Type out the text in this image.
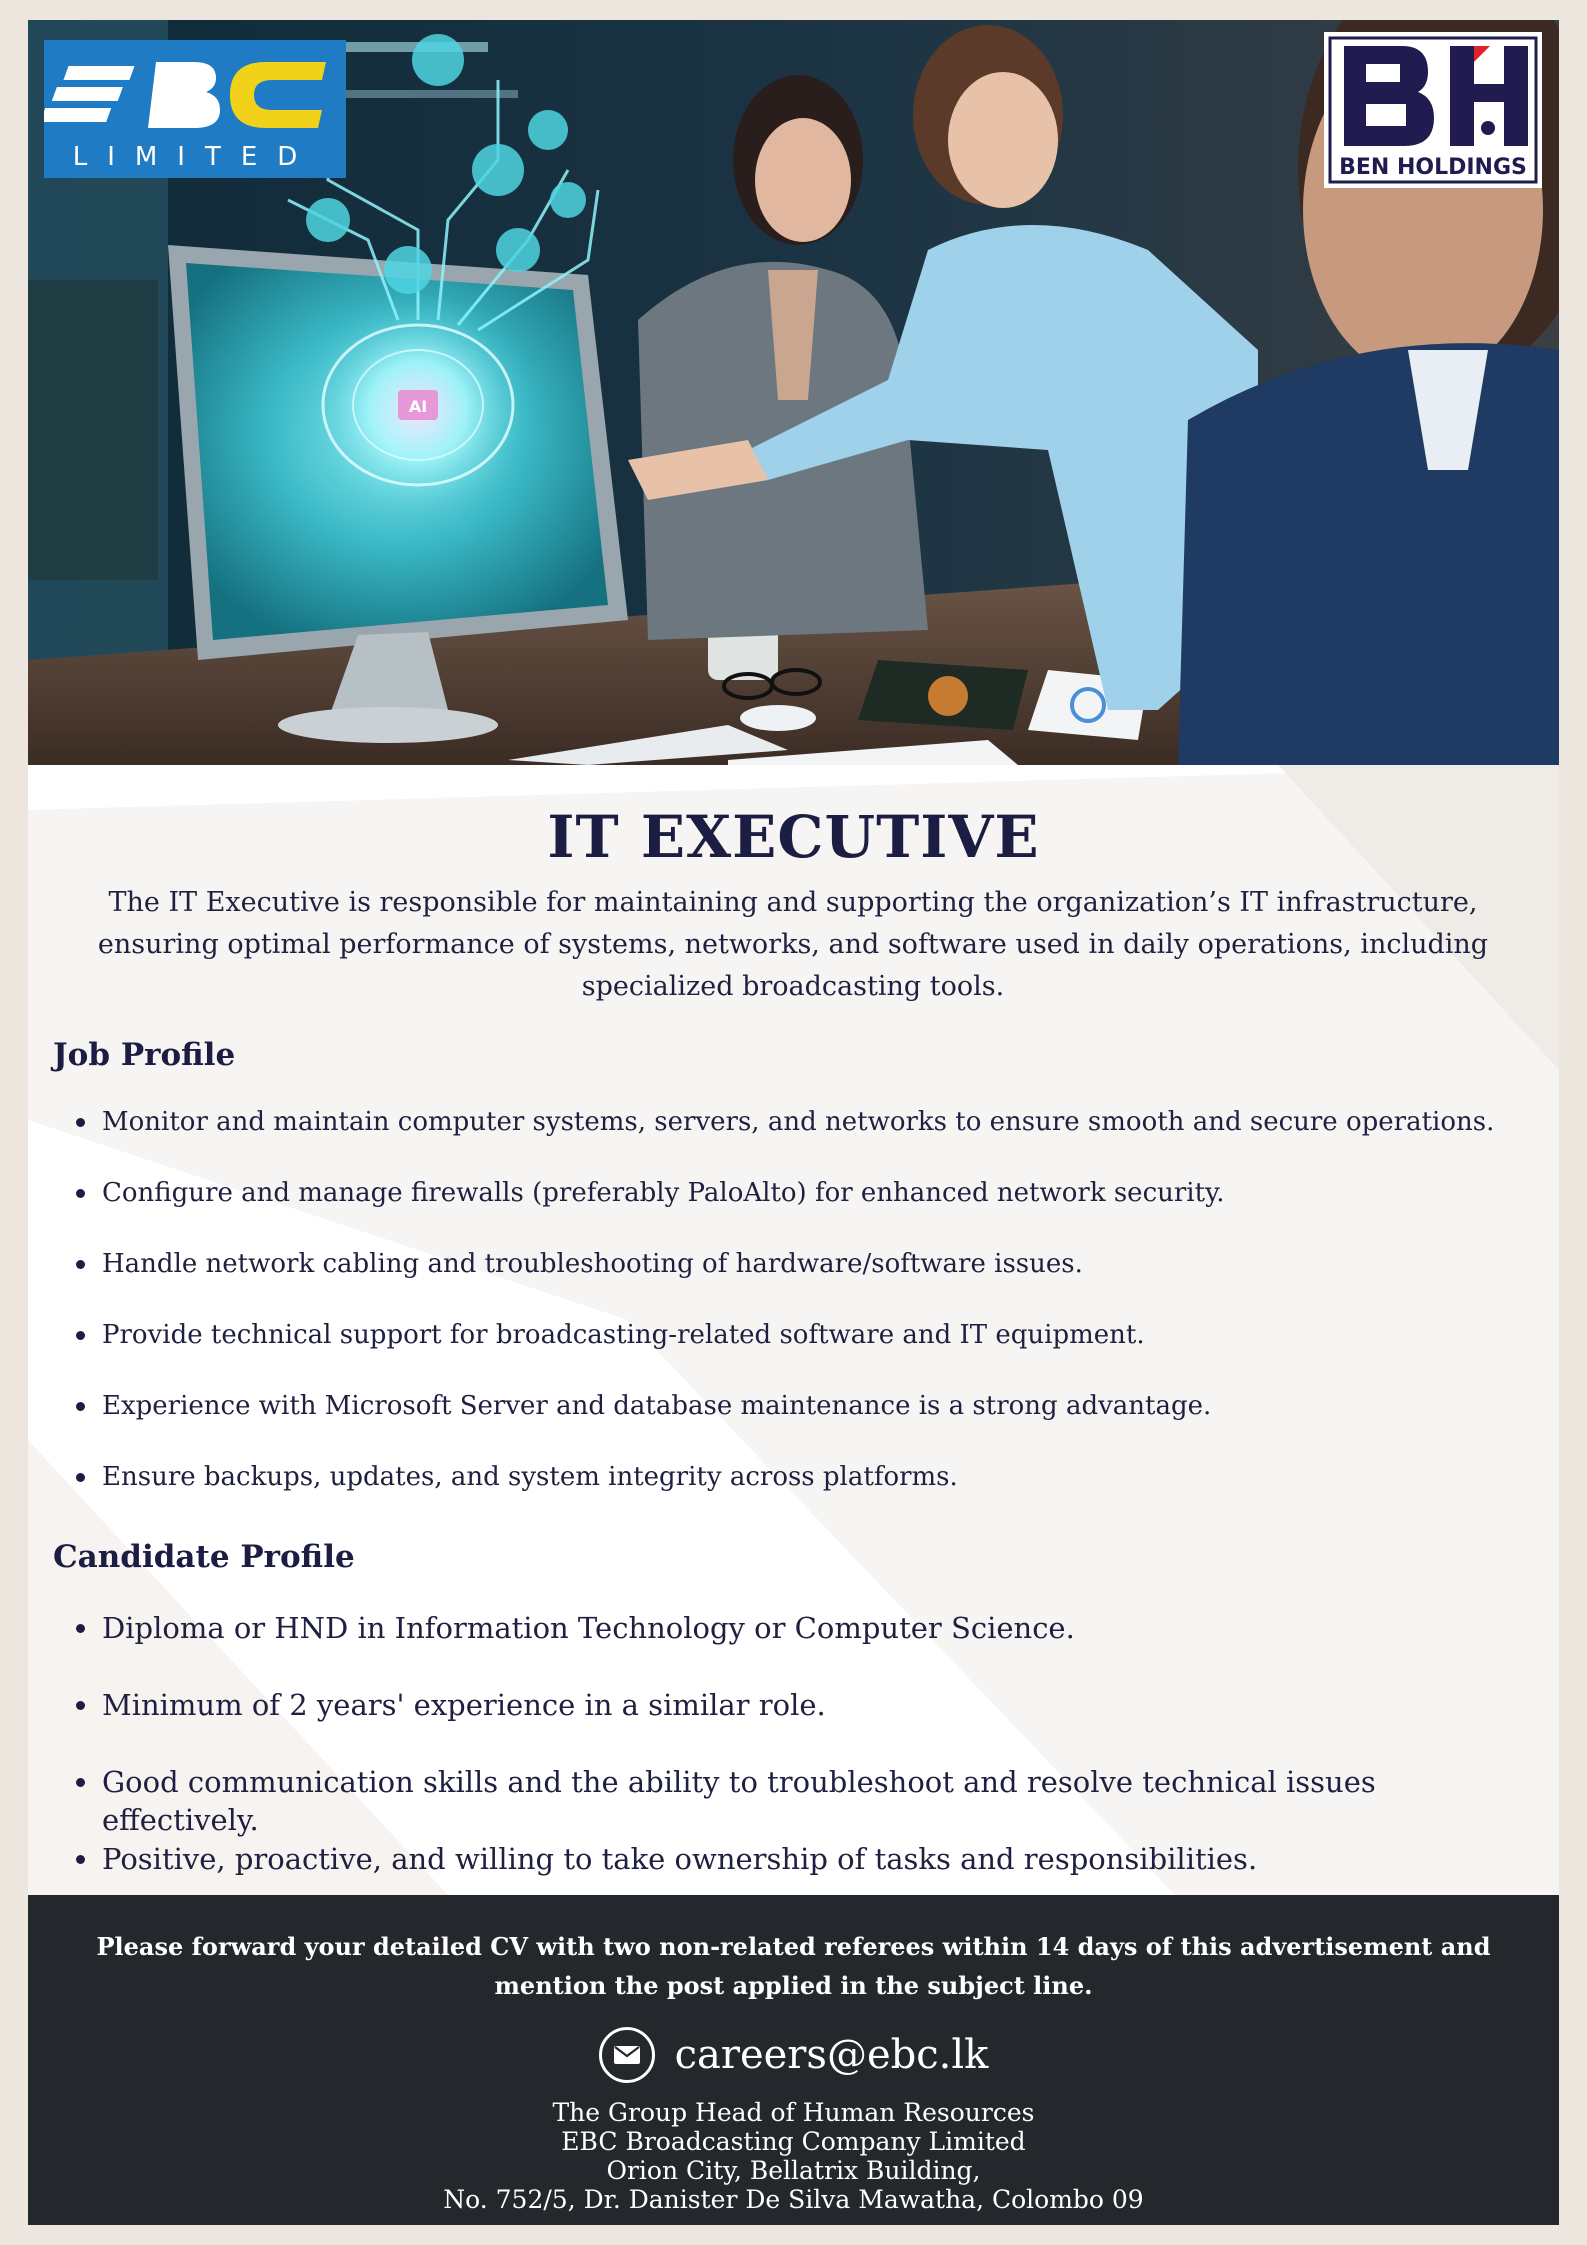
AI
LIMITED	BEN HOLDINGS
IT EXECUTIVE
The IT Executive is responsible for maintaining and supporting the organization’s IT infrastructure, ensuring optimal performance of systems, networks, and software used in daily operations, including specialized broadcasting tools.
Job Profile
Monitor and maintain computer systems, servers, and networks to ensure smooth and secure operations.
Configure and manage firewalls (preferably PaloAlto) for enhanced network security.
Handle network cabling and troubleshooting of hardware/software issues.
Provide technical support for broadcasting-related software and IT equipment.
Experience with Microsoft Server and database maintenance is a strong advantage.
Ensure backups, updates, and system integrity across platforms.
Candidate Profile
Diploma or HND in Information Technology or Computer Science.
Minimum of 2 years' experience in a similar role.
Good communication skills and the ability to troubleshoot and resolve technical issues effectively.
Positive, proactive, and willing to take ownership of tasks and responsibilities.
Please forward your detailed CV with two non-related referees within 14 days of this advertisement and mention the post applied in the subject line.
careers@ebc.lk
The Group Head of Human Resources
EBC Broadcasting Company Limited
Orion City, Bellatrix Building,
No. 752/5, Dr. Danister De Silva Mawatha, Colombo 09
